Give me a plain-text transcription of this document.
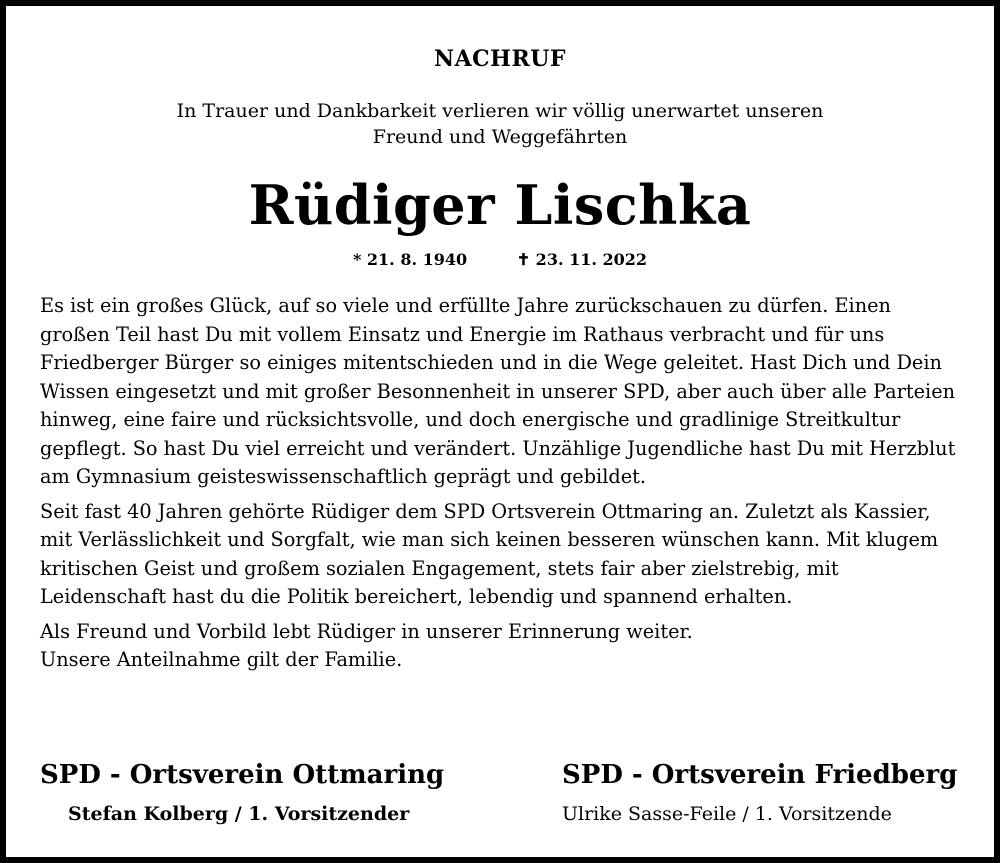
NACHRUF
In Trauer und Dankbarkeit verlieren wir völlig unerwartet unseren
Freund und Weggefährten
Rüdiger Lischka
* 21. 8. 1940	✝ 23. 11. 2022

Es ist ein großes Glück, auf so viele und erfüllte Jahre zurückschauen zu dürfen. Einen großen Teil hast Du mit vollem Einsatz und Energie im Rathaus verbracht und für uns Friedberger Bürger so einiges mitentschieden und in die Wege geleitet. Hast Dich und Dein Wissen eingesetzt und mit großer Besonnenheit in unserer SPD, aber auch über alle Parteien hinweg, eine faire und rücksichtsvolle, und doch energische und gradlinige Streitkultur gepflegt. So hast Du viel erreicht und verändert. Unzählige Jugendliche hast Du mit Herzblut am Gymnasium geisteswissenschaftlich geprägt und gebildet.

Seit fast 40 Jahren gehörte Rüdiger dem SPD Ortsverein Ottmaring an. Zuletzt als Kassier, mit Verlässlichkeit und Sorgfalt, wie man sich keinen besseren wünschen kann. Mit klugem kritischen Geist und großem sozialen Engagement, stets fair aber zielstrebig, mit Leidenschaft hast du die Politik bereichert, lebendig und spannend erhalten.

Als Freund und Vorbild lebt Rüdiger in unserer Erinnerung weiter.
Unsere Anteilnahme gilt der Familie.

SPD - Ortsverein Ottmaring
Stefan Kolberg / 1. Vorsitzender
SPD - Ortsverein Friedberg
Ulrike Sasse-Feile / 1. Vorsitzende
